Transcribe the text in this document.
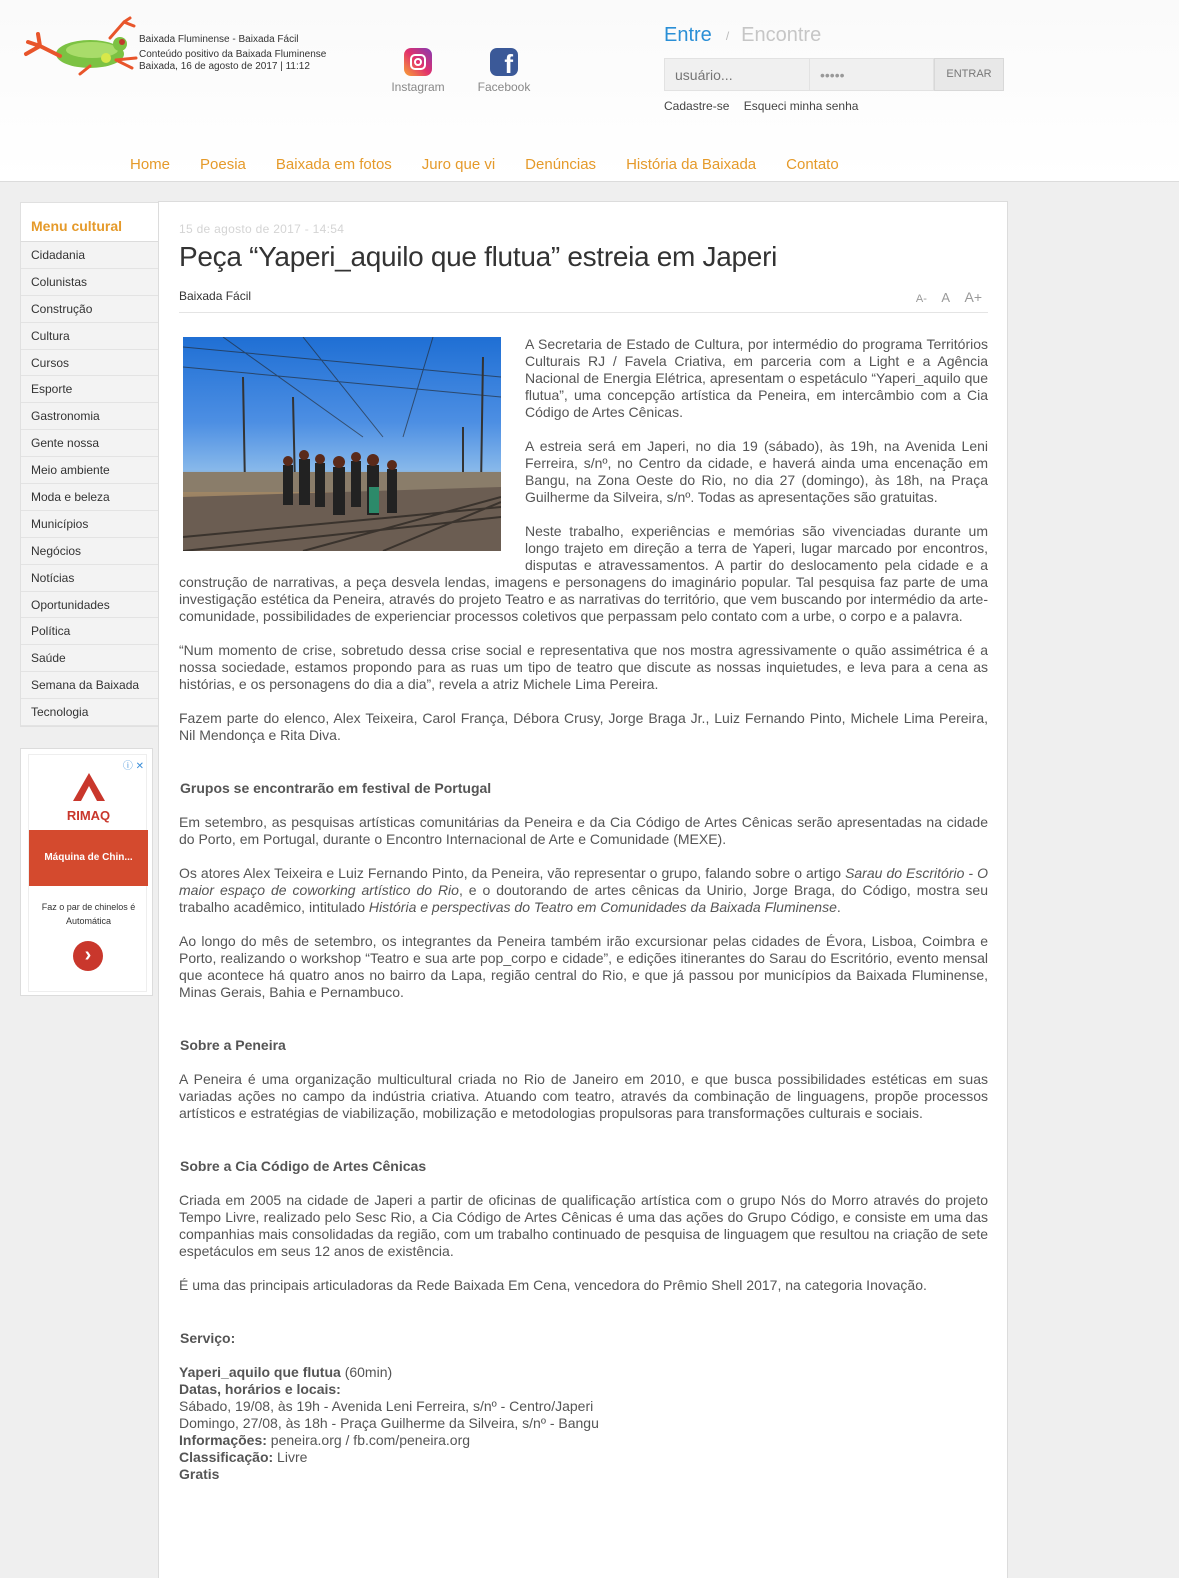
Baixada Fluminense - Baixada Fácil
Conteúdo positivo da Baixada Fluminense
Baixada, 16 de agosto de 2017 | 11:12
Instagram
f
Facebook
Entre / Encontre
usuário...
•••••
ENTRAR
Cadastre-se Esqueci minha senha
Home Poesia Baixada em fotos Juro que vi Denúncias História da Baixada Contato
Menu cultural
Cidadania
Colunistas
Construção
Cultura
Cursos
Esporte
Gastronomia
Gente nossa
Meio ambiente
Moda e beleza
Municípios
Negócios
Notícias
Oportunidades
Política
Saúde
Semana da Baixada
Tecnologia
ⓘ ✕
RIMAQ
Máquina de Chin...
Faz o par de chinelos é Automática
›
15 de agosto de 2017 - 14:54
Peça “Yaperi_aquilo que flutua” estreia em Japeri
Baixada Fácil	A- A A+

A Secretaria de Estado de Cultura, por intermédio do programa Territórios Culturais RJ / Favela Criativa, em parceria com a Light e a Agência Nacional de Energia Elétrica, apresentam o espetáculo “Yaperi_aquilo que flutua”, uma concepção artística da Peneira, em intercâmbio com a Cia Código de Artes Cênicas.

A estreia será em Japeri, no dia 19 (sábado), às 19h, na Avenida Leni Ferreira, s/nº, no Centro da cidade, e haverá ainda uma encenação em Bangu, na Zona Oeste do Rio, no dia 27 (domingo), às 18h, na Praça Guilherme da Silveira, s/nº. Todas as apresentações são gratuitas.

Neste trabalho, experiências e memórias são vivenciadas durante um longo trajeto em direção a terra de Yaperi, lugar marcado por encontros, disputas e atravessamentos. A partir do deslocamento pela cidade e a construção de narrativas, a peça desvela lendas, imagens e personagens do imaginário popular. Tal pesquisa faz parte de uma investigação estética da Peneira, através do projeto Teatro e as narrativas do território, que vem buscando por intermédio da arte-comunidade, possibilidades de experienciar processos coletivos que perpassam pelo contato com a urbe, o corpo e a palavra.

“Num momento de crise, sobretudo dessa crise social e representativa que nos mostra agressivamente o quão assimétrica é a nossa sociedade, estamos propondo para as ruas um tipo de teatro que discute as nossas inquietudes, e leva para a cena as histórias, e os personagens do dia a dia”, revela a atriz Michele Lima Pereira.

Fazem parte do elenco, Alex Teixeira, Carol França, Débora Crusy, Jorge Braga Jr., Luiz Fernando Pinto, Michele Lima Pereira, Nil Mendonça e Rita Diva.

Grupos se encontrarão em festival de Portugal

Em setembro, as pesquisas artísticas comunitárias da Peneira e da Cia Código de Artes Cênicas serão apresentadas na cidade do Porto, em Portugal, durante o Encontro Internacional de Arte e Comunidade (MEXE).

Os atores Alex Teixeira e Luiz Fernando Pinto, da Peneira, vão representar o grupo, falando sobre o artigo Sarau do Escritório - O maior espaço de coworking artístico do Rio, e o doutorando de artes cênicas da Unirio, Jorge Braga, do Código, mostra seu trabalho acadêmico, intitulado História e perspectivas do Teatro em Comunidades da Baixada Fluminense.

Ao longo do mês de setembro, os integrantes da Peneira também irão excursionar pelas cidades de Évora, Lisboa, Coimbra e Porto, realizando o workshop “Teatro e sua arte pop_corpo e cidade”, e edições itinerantes do Sarau do Escritório, evento mensal que acontece há quatro anos no bairro da Lapa, região central do Rio, e que já passou por municípios da Baixada Fluminense, Minas Gerais, Bahia e Pernambuco.

Sobre a Peneira

A Peneira é uma organização multicultural criada no Rio de Janeiro em 2010, e que busca possibilidades estéticas em suas variadas ações no campo da indústria criativa. Atuando com teatro, através da combinação de linguagens, propõe processos artísticos e estratégias de viabilização, mobilização e metodologias propulsoras para transformações culturais e sociais.

Sobre a Cia Código de Artes Cênicas

Criada em 2005 na cidade de Japeri a partir de oficinas de qualificação artística com o grupo Nós do Morro através do projeto Tempo Livre, realizado pelo Sesc Rio, a Cia Código de Artes Cênicas é uma das ações do Grupo Código, e consiste em uma das companhias mais consolidadas da região, com um trabalho continuado de pesquisa de linguagem que resultou na criação de sete espetáculos em seus 12 anos de existência.

É uma das principais articuladoras da Rede Baixada Em Cena, vencedora do Prêmio Shell 2017, na categoria Inovação.

Serviço:
Yaperi_aquilo que flutua (60min)
Datas, horários e locais:
Sábado, 19/08, às 19h - Avenida Leni Ferreira, s/nº - Centro/Japeri
Domingo, 27/08, às 18h - Praça Guilherme da Silveira, s/nº - Bangu
Informações: peneira.org / fb.com/peneira.org
Classificação: Livre
Gratis
